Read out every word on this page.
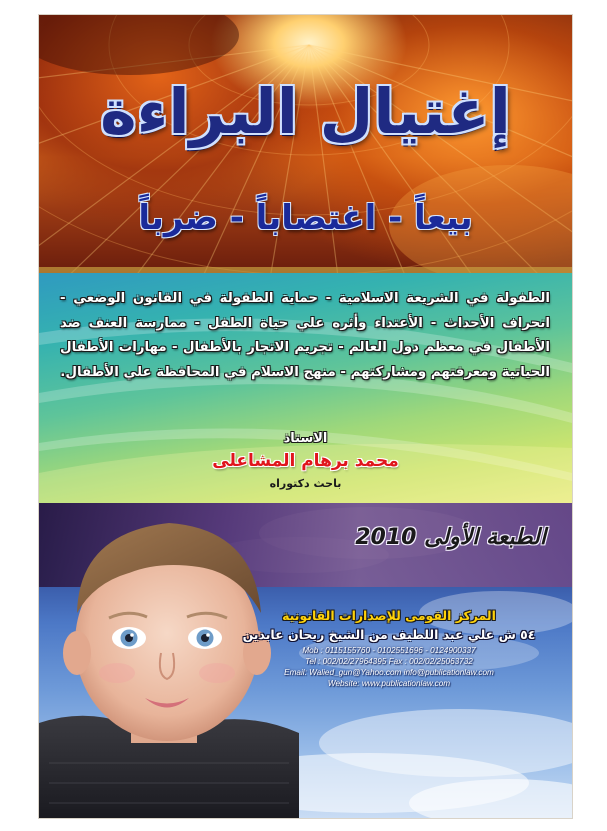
إغتيال البراءة
بيعاً - اغتصاباً - ضرباً
الطفولة في الشريعة الاسلامية - حماية الطفولة في القانون الوضعي - انحراف الأحداث - الأعتداء وأثره علي حياة الطفل - ممارسة العنف ضد الأطفال في معظم دول العالم - تجريم الاتجار بالأطفال - مهارات الأطفال الحياتية ومعرفتهم ومشاركتهم - منهج الاسلام في المحافظة علي الأطفال.
الاستاذ
محمد برهام المشاعلى
باحث دكتوراه
الطبعة الأولى 2010
المركز القومى للإصدارات القانونية
٥٤ ش علي عبد اللطيف من الشيخ ريحان عابدين
Mob : 0115155760 - 0102551696 - 0124900337
Tel : 002/02/27964395 Fax : 002/02/25063732
Email: Walied_gun@Yahoo.com info@publicationlaw.com
Website: www.publicationlaw.com
